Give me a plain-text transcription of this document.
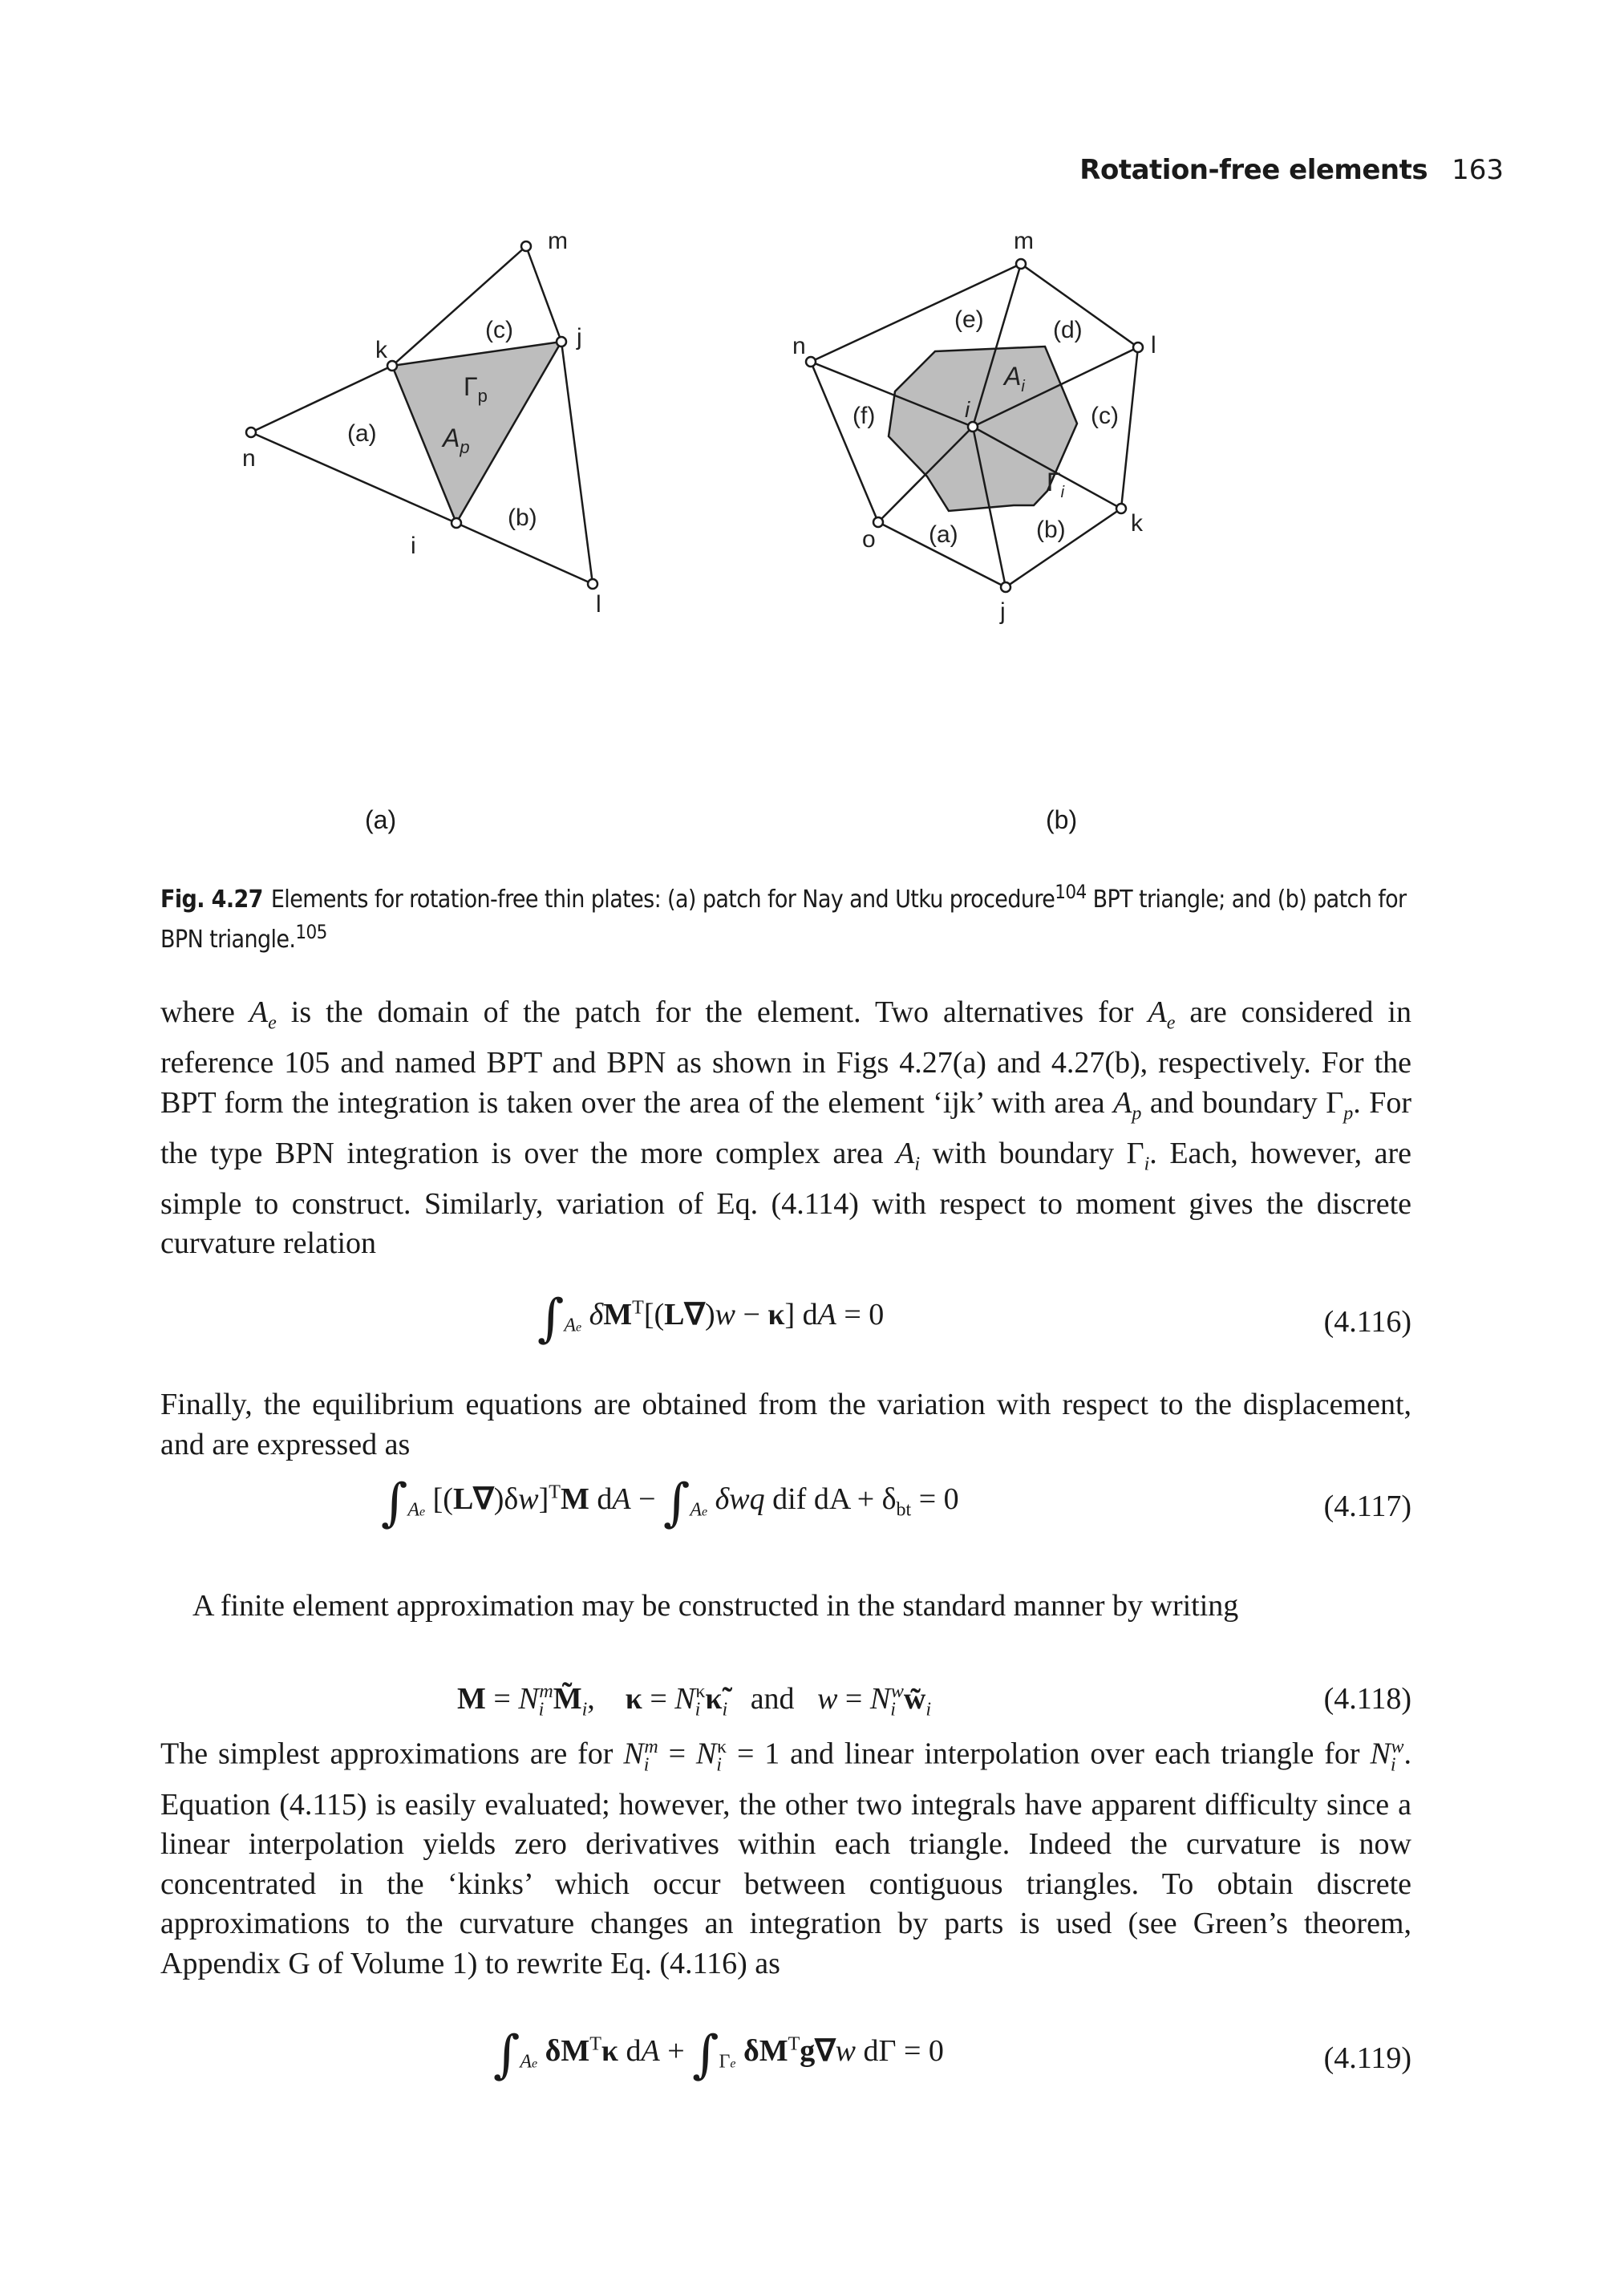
Rotation-free elements 163
m
k
n
j
i
l
(a)
(b)
(c)
$A_p$
$\Gamma_p$
m
l
n
i
o
k
j
(a)	(b)
(c)
(d)
(e)
(f)
$A_i$
$\Gamma_i$
(a)	(b)
Fig. 4.27 Elements for rotation-free thin plates: (a) patch for Nay and Utku procedure$^{104}$ BPT triangle; and (b) patch for BPN triangle.$^{105}$

where $A_e$ is the domain of the patch for the element. Two alternatives for $A_e$ are considered in reference 105 and named BPT and BPN as shown in Figs 4.27(a) and 4.27(b), respectively. For the BPT form the integration is taken over the area of the element ‘ijk’ with area $A_p$ and boundary $\Gamma_p$. For the type BPN integration is over the more complex area $A_i$ with boundary $\Gamma_i$. Each, however, are simple to construct. Similarly, variation of Eq. (4.114) with respect to moment gives the discrete curvature relation

$\int_{Ae}$ $\delta M^T[(L\nabla)w - \kappa]$ dA = 0	(4.116)
Finally, the equilibrium equations are obtained from the variation with respect to the displacement, and are expressed as
$\int_{Ae}$ $[(L\nabla)\delta w]^TM$ dA − $\int_{Ae}$ δwq dif dA + $\delta_{bt} = 0$	(4.117)
A finite element approximation may be constructed in the standard manner by writing
$M = N_i^mM̃_i$, $\kappa = N_i^\kappa\kappã_i$ and $w = N_i^ww̃_i$	(4.118)

The simplest approximations are for $N_i^m = N_i^\kappa = 1$ and linear interpolation over each triangle for $N_i^w$. Equation (4.115) is easily evaluated; however, the other two integrals have apparent difficulty since a linear interpolation yields zero derivatives within each triangle. Indeed the curvature is now concentrated in the ‘kinks’ which occur between contiguous triangles. To obtain discrete approximations to the curvature changes an integration by parts is used (see Green’s theorem, Appendix G of Volume 1) to rewrite Eq. (4.116) as

$\int_{Ae}$ $\delta M^T\kappa$ dA + $\int_{\Gamma e}$ $\delta M^Tg\nabla w$ dΓ = 0	(4.119)
